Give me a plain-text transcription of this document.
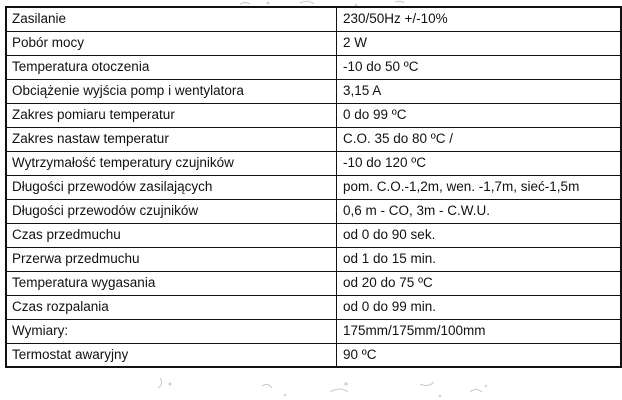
Zasilanie	230/50Hz +/-10%
Pobór mocy	2 W
Temperatura otoczenia	-10 do 50 ºC
Obciążenie wyjścia pomp i wentylatora	3,15 A
Zakres pomiaru temperatur	0 do 99 ºC
Zakres nastaw temperatur	C.O. 35 do 80 ºC /
Wytrzymałość temperatury czujników	-10 do 120 ºC
Długości przewodów zasilających	pom. C.O.-1,2m, wen. -1,7m, sieć-1,5m
Długości przewodów czujników	0,6 m - CO, 3m - C.W.U.
Czas przedmuchu	od 0 do 90 sek.
Przerwa przedmuchu	od 1 do 15 min.
Temperatura wygasania	od 20 do 75 ºC
Czas rozpalania	od 0 do 99 min.
Wymiary:	175mm/175mm/100mm
Termostat awaryjny	90 ºC
